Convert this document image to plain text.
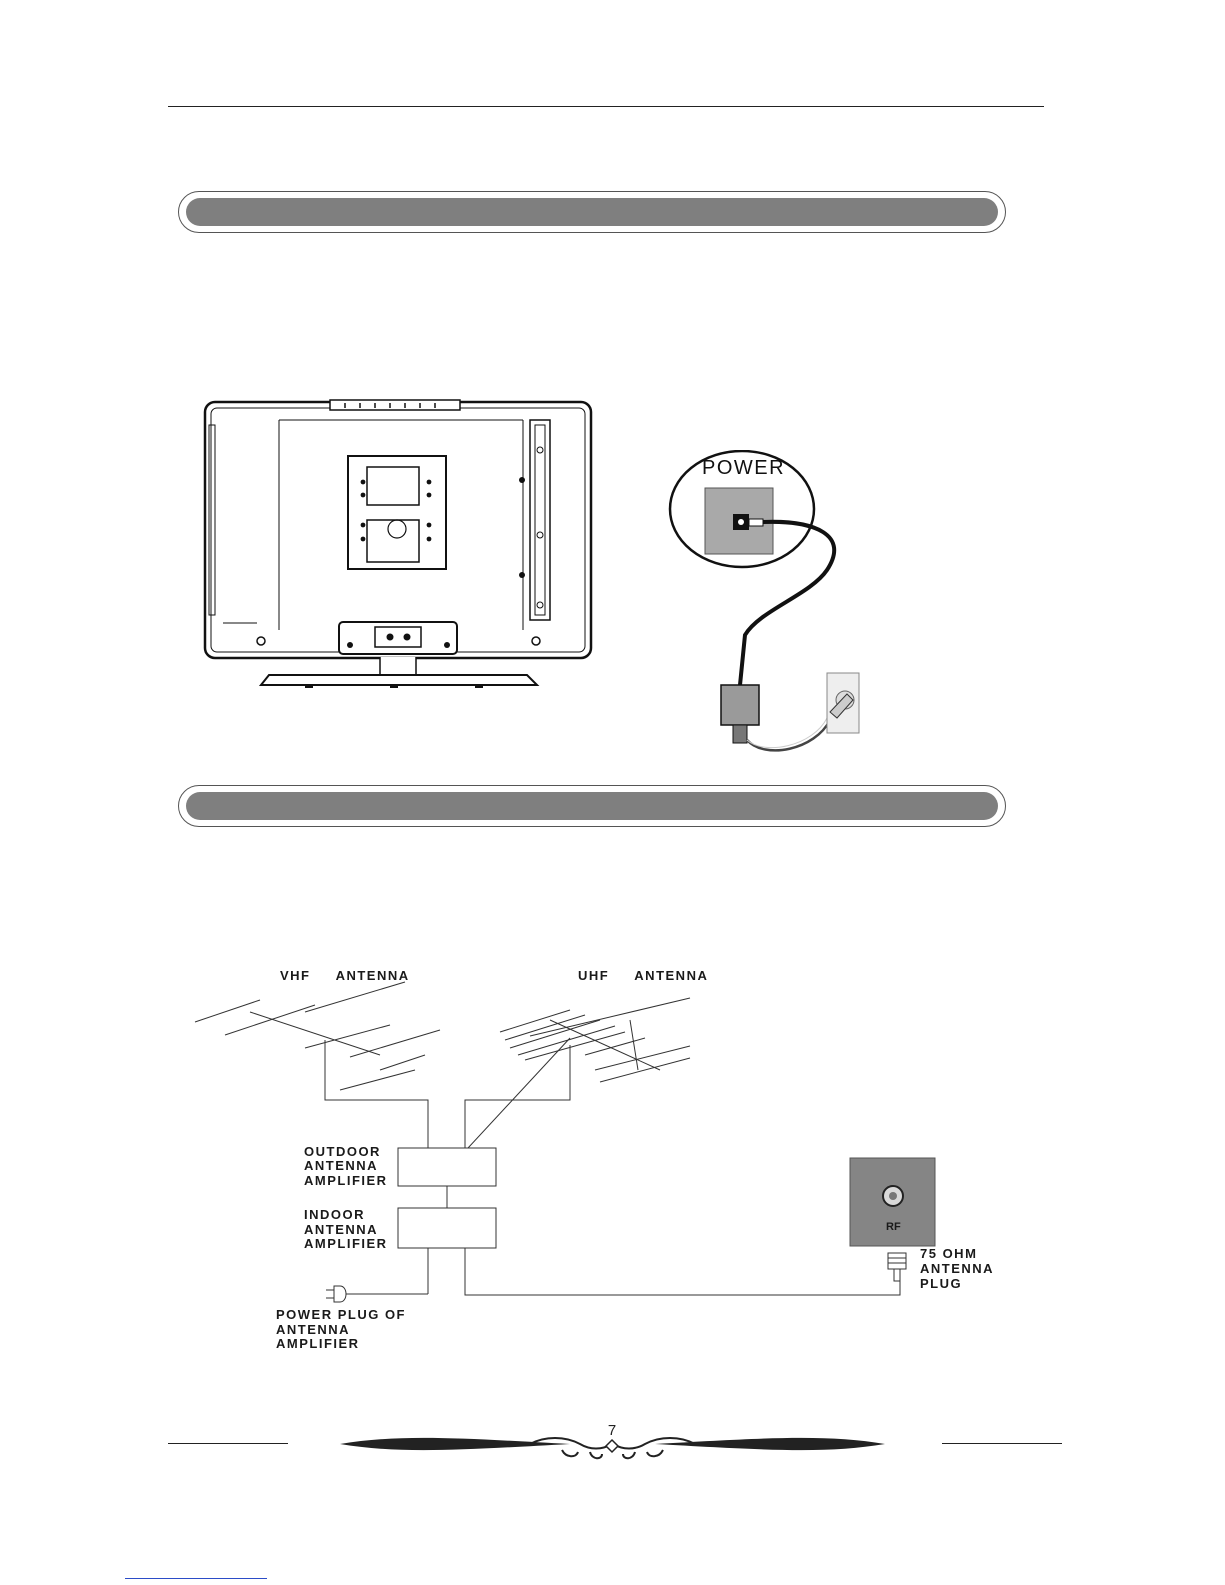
POWER
VHF     ANTENNA	UHF     ANTENNA
OUTDOOR
ANTENNA
AMPLIFIER
INDOOR
ANTENNA
AMPLIFIER
POWER PLUG OF
ANTENNA
AMPLIFIER
RF
75 OHM
ANTENNA
PLUG
7
